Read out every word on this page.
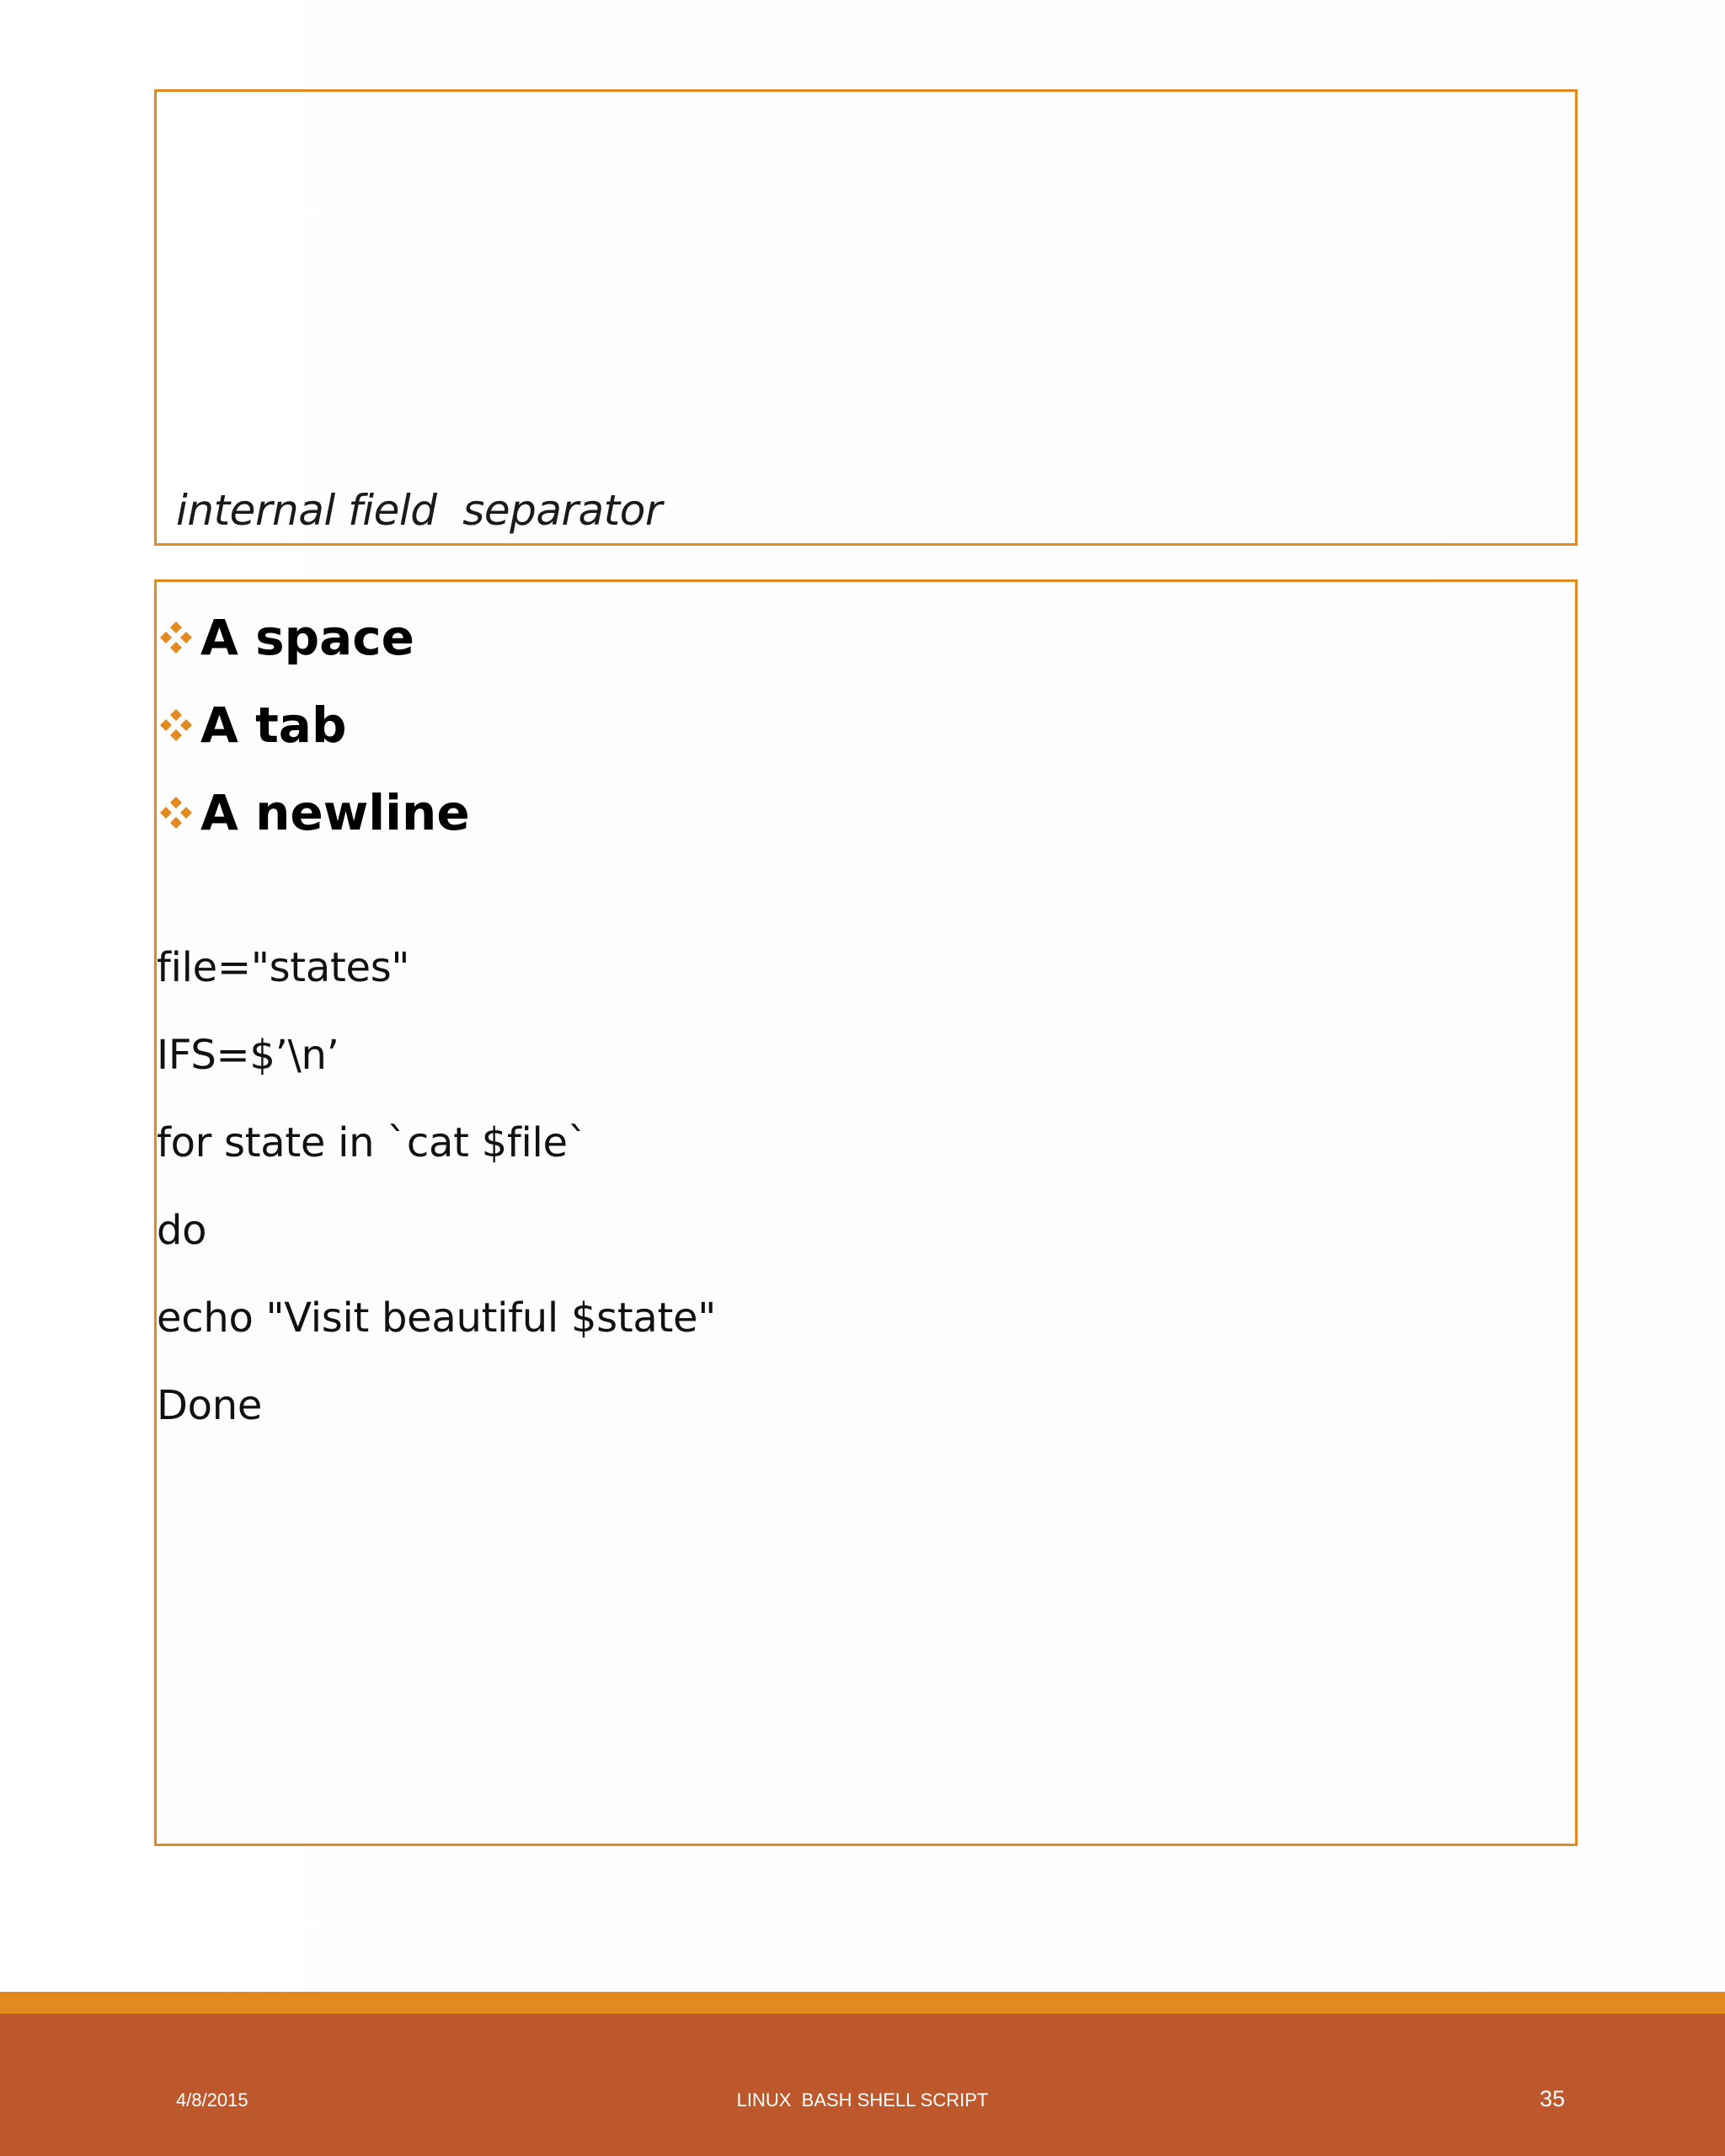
internal field  separator
A space
A tab
A newline
file="states"
IFS=$’\n’
for state in `cat $file`
do
echo "Visit beautiful $state"
Done
4/8/2015	LINUX  BASH SHELL SCRIPT	35
